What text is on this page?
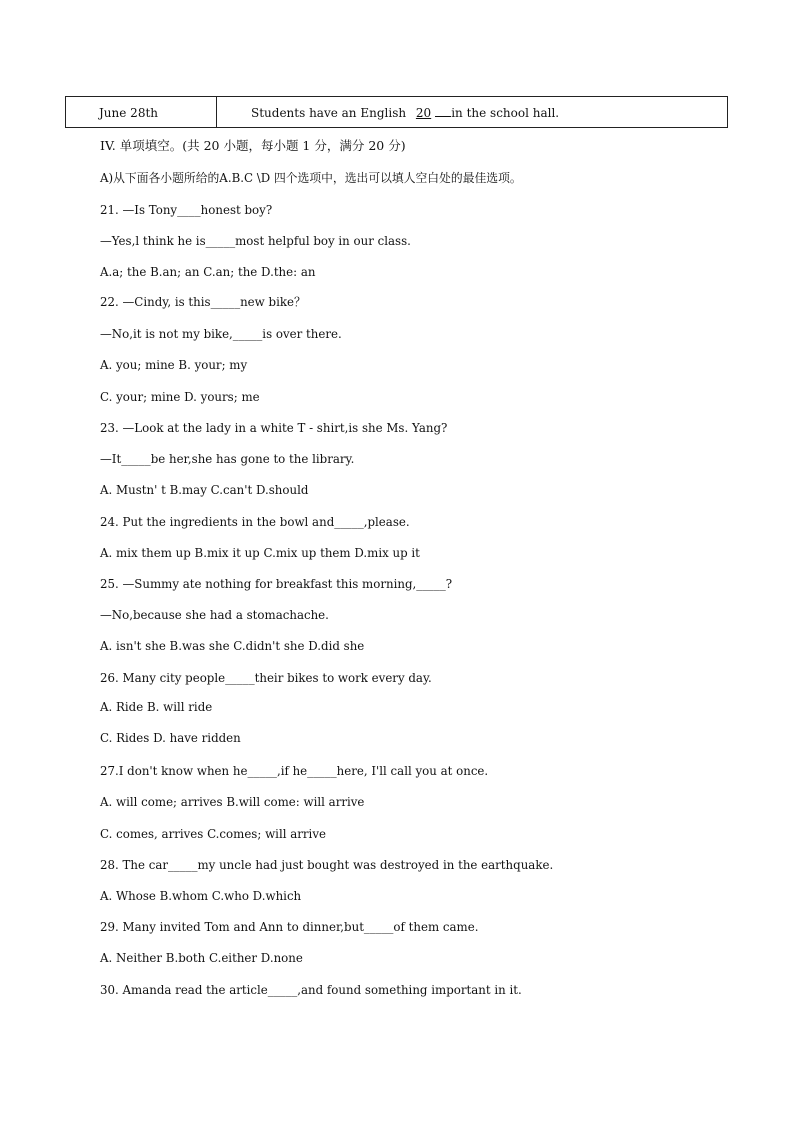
June 28th	Students have an English 20 in the school hall.
IV. 单项填空。(共 20 小题，每小题 1 分，满分 20 分)
A)从下面各小题所给的A.B.C \D 四个选项中，选出可以填人空白处的最佳选项。
21. —Is Tony____honest boy?
—Yes,l think he is_____most helpful boy in our class.
A.a; the B.an; an C.an; the D.the: an
22. —Cindy, is this_____new bike？
—No,it is not my bike,_____is over there.
A. you; mine B. your; my
C. your; mine D. yours; me
23. —Look at the lady in a white T - shirt,is she Ms. Yang?
—It_____be her,she has gone to the library.
A. Mustn' t B.may C.can't D.should
24. Put the ingredients in the bowl and_____,please.
A. mix them up B.mix it up C.mix up them D.mix up it
25. —Summy ate nothing for breakfast this morning,_____?
—No,because she had a stomachache.
A. isn't she B.was she C.didn't she D.did she
26. Many city people_____their bikes to work every day.
A. Ride B. will ride
C. Rides D. have ridden
27.I don't know when he_____,if he_____here, I'll call you at once.
A. will come; arrives B.will come: will arrive
C. comes, arrives C.comes; will arrive
28. The car_____my uncle had just bought was destroyed in the earthquake.
A. Whose B.whom C.who D.which
29. Many invited Tom and Ann to dinner,but_____of them came.
A. Neither B.both C.either D.none
30. Amanda read the article_____,and found something important in it.
